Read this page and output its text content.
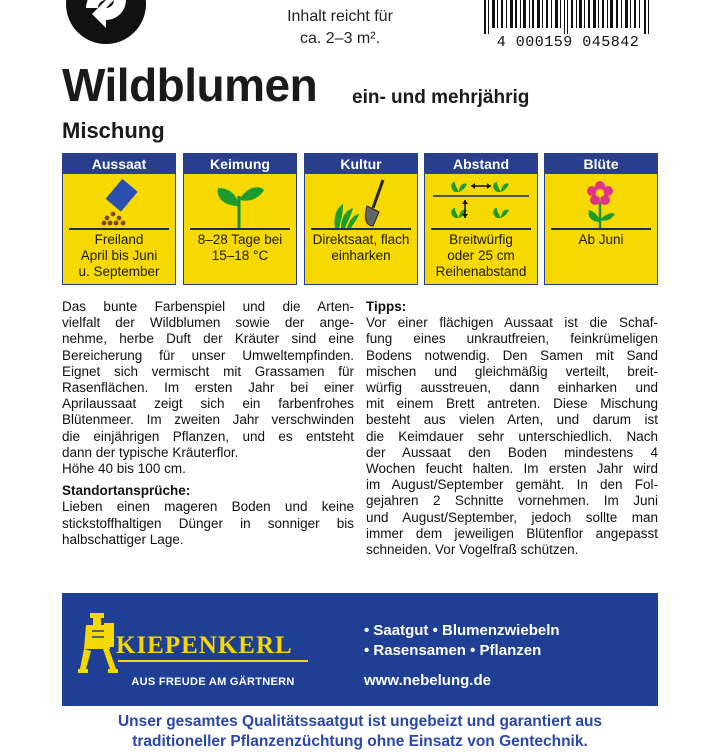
Inhalt reicht für
ca. 2–3 m².	4 000159 045842
Wildblumen ein- und mehrjährig
Mischung
Aussaat
Freiland
April bis Juni
u. September
Keimung
8–28 Tage bei
15–18 °C
Kultur
Direktsaat, flach
einharken
Abstand
Breitwürfig
oder 25 cm
Reihenabstand
Blüte
Ab Juni
Das bunte Farbenspiel und die Arten-
vielfalt der Wildblumen sowie der ange-
nehme, herbe Duft der Kräuter sind eine
Bereicherung für unser Umweltempfinden.
Eignet sich vermischt mit Grassamen für
Rasenflächen. Im ersten Jahr bei einer
Aprilaussaat zeigt sich ein farbenfrohes
Blütenmeer. Im zweiten Jahr verschwinden
die einjährigen Pflanzen, und es entsteht
dann der typische Kräuterflor.
Höhe 40 bis 100 cm.
Standortansprüche:
Lieben einen mageren Boden und keine
stickstoffhaltigen Dünger in sonniger bis
halbschattiger Lage.
Tipps:
Vor einer flächigen Aussaat ist die Schaf-
fung eines unkrautfreien, feinkrümeligen
Bodens notwendig. Den Samen mit Sand
mischen und gleichmäßig verteilt, breit-
würfig ausstreuen, dann einharken und
mit einem Brett antreten. Diese Mischung
besteht aus vielen Arten, und darum ist
die Keimdauer sehr unterschiedlich. Nach
der Aussaat den Boden mindestens 4
Wochen feucht halten. Im ersten Jahr wird
im August/September gemäht. In den Fol-
gejahren 2 Schnitte vornehmen. Im Juni
und August/September, jedoch sollte man
immer dem jeweiligen Blütenflor angepasst
schneiden. Vor Vogelfraß schützen.
KIEPENKERL
AUS FREUDE AM GÄRTNERN
• Saatgut • Blumenzwiebeln
• Rasensamen • Pflanzen
www.nebelung.de
Unser gesamtes Qualitätssaatgut ist ungebeizt und garantiert aus
traditioneller Pflanzenzüchtung ohne Einsatz von Gentechnik.
